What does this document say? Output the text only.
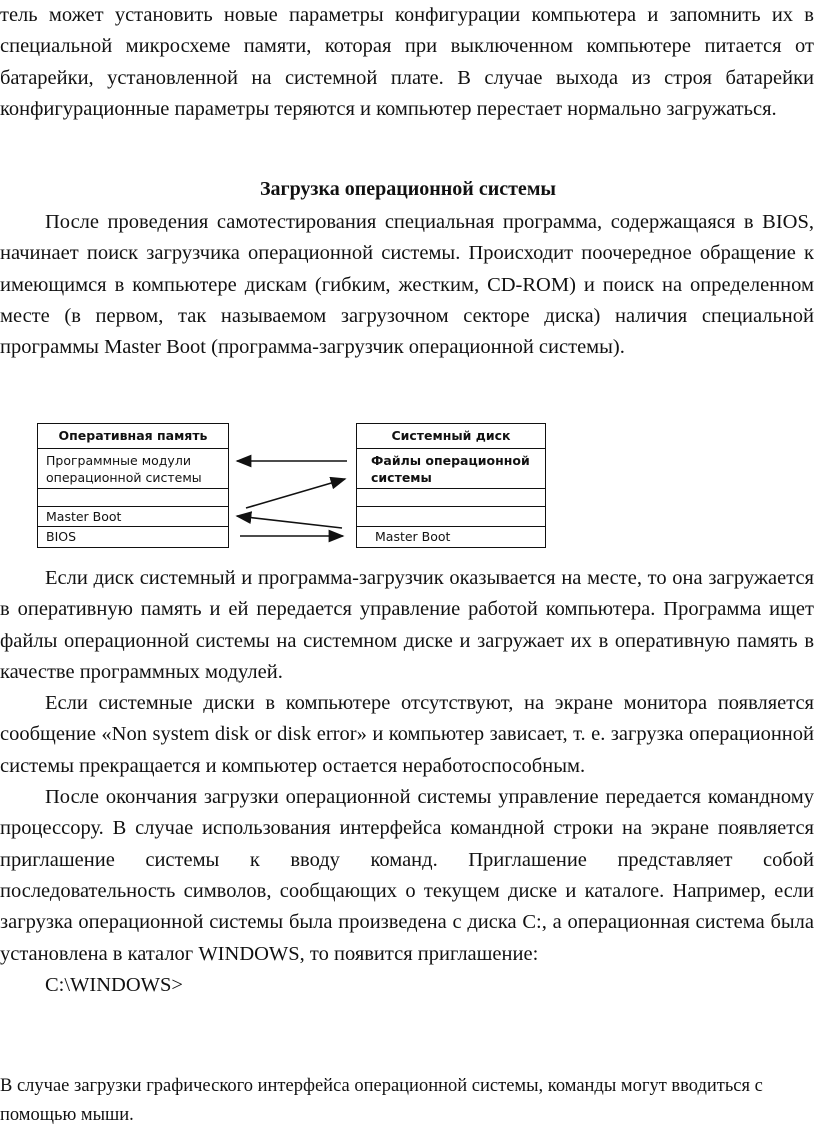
тель может установить новые параметры конфигурации компьютера и запомнить их в специальной микросхеме памяти, которая при выключенном компьютере питается от батарейки, установленной на системной плате. В случае выхода из строя батарейки конфигурационные параметры теряются и компьютер перестает нормально загружаться.

Загрузка операционной системы

После проведения самотестирования специальная программа, содержащаяся в BIOS, начинает поиск загрузчика операционной системы. Происходит поочередное обращение к имеющимся в компьютере дискам (гибким, жестким, CD-ROM) и поиск на определенном месте (в первом, так называемом загрузочном секторе диска) наличия специальной программы Master Boot (программа-загрузчик операционной системы).

Оперативная память
Программные модули операционной системы
Master Boot
BIOS
Системный диск
Файлы операционной системы
Master Boot

Если диск системный и программа-загрузчик оказывается на месте, то она загружается в оперативную память и ей передается управление работой компьютера. Программа ищет файлы операционной системы на системном диске и загружает их в оперативную память в качестве программных модулей.

Если системные диски в компьютере отсутствуют, на экране монитора появляется сообщение «Non system disk or disk error» и компьютер зависает, т. е. загрузка операционной системы прекращается и компьютер остается неработоспособным.

После окончания загрузки операционной системы управление передается командному процессору. В случае использования интерфейса командной строки на экране появляется приглашение системы к вводу команд. Приглашение представляет собой последовательность символов, сообщающих о текущем диске и каталоге. Например, если загрузка операционной системы была произведена с диска C:, а операционная система была установлена в каталог WINDOWS, то появится приглашение:

C:\WINDOWS>

В случае загрузки графического интерфейса операционной системы, команды могут вводиться с помощью мыши.
